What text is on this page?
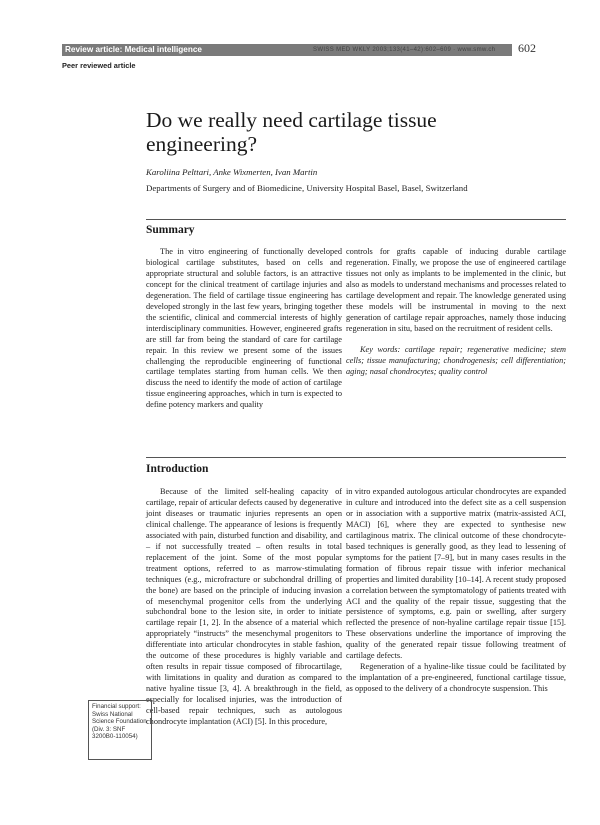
Review article: Medical intelligence	SWISS MED WKLY 2003;133(41–42):602–609 · www.smw.ch	602
Peer reviewed article
Do we really need cartilage tissue engineering?
Karoliina Pelttari, Anke Wixmerten, Ivan Martin
Departments of Surgery and of Biomedicine, University Hospital Basel, Basel, Switzerland
Summary

The in vitro engineering of functionally developed biological cartilage substitutes, based on cells and appropriate structural and soluble factors, is an attractive concept for the clinical treatment of cartilage injuries and degeneration. The field of cartilage tissue engineering has developed strongly in the last few years, bringing together the scientific, clinical and commercial interests of highly interdisciplinary communities. However, engineered grafts are still far from being the standard of care for cartilage repair. In this review we present some of the issues challenging the reproducible engineering of functional cartilage templates starting from human cells. We then discuss the need to identify the mode of action of cartilage tissue engineering approaches, which in turn is expected to define potency markers and quality

controls for grafts capable of inducing durable cartilage regeneration. Finally, we propose the use of engineered cartilage tissues not only as implants to be implemented in the clinic, but also as models to understand mechanisms and processes related to cartilage development and repair. The knowledge generated using these models will be instrumental in moving to the next generation of cartilage repair approaches, namely those inducing regeneration in situ, based on the recruitment of resident cells.

Key words: cartilage repair; regenerative medicine; stem cells; tissue manufacturing; chondrogenesis; cell differentiation; aging; nasal chondrocytes; quality control

Introduction

Because of the limited self-healing capacity of cartilage, repair of articular defects caused by degenerative joint diseases or traumatic injuries represents an open clinical challenge. The appearance of lesions is frequently associated with pain, disturbed function and disability, and – if not successfully treated – often results in total replacement of the joint. Some of the most popular treatment options, referred to as marrow-stimulating techniques (e.g., microfracture or subchondral drilling of the bone) are based on the principle of inducing invasion of mesenchymal progenitor cells from the underlying subchondral bone to the lesion site, in order to initiate cartilage repair [1, 2]. In the absence of a material which appropriately “instructs” the mesenchymal progenitors to differentiate into articular chondrocytes in stable fashion, the outcome of these procedures is highly variable and often results in repair tissue composed of fibrocartilage, with limitations in quality and duration as compared to native hyaline tissue [3, 4]. A breakthrough in the field, especially for localised injuries, was the introduction of cell-based repair techniques, such as autologous chondrocyte implantation (ACI) [5]. In this procedure,

in vitro expanded autologous articular chondrocytes are expanded in culture and introduced into the defect site as a cell suspension or in association with a supportive matrix (matrix-assisted ACI, MACI) [6], where they are expected to synthesise new cartilaginous matrix. The clinical outcome of these chondrocyte-based techniques is generally good, as they lead to lessening of symptoms for the patient [7–9], but in many cases results in the formation of fibrous repair tissue with inferior mechanical properties and limited durability [10–14]. A recent study proposed a correlation between the symptomatology of patients treated with ACI and the quality of the repair tissue, suggesting that the persistence of symptoms, e.g. pain or swelling, after surgery reflected the presence of non-hyaline cartilage repair tissue [15]. These observations underline the importance of improving the quality of the generated repair tissue following treatment of cartilage defects.

Regeneration of a hyaline-like tissue could be facilitated by the implantation of a pre-engineered, functional cartilage tissue, as opposed to the delivery of a chondrocyte suspension. This

Financial support: Swiss National Science Foundation (Div. 3: SNF 3200B0-110054)
